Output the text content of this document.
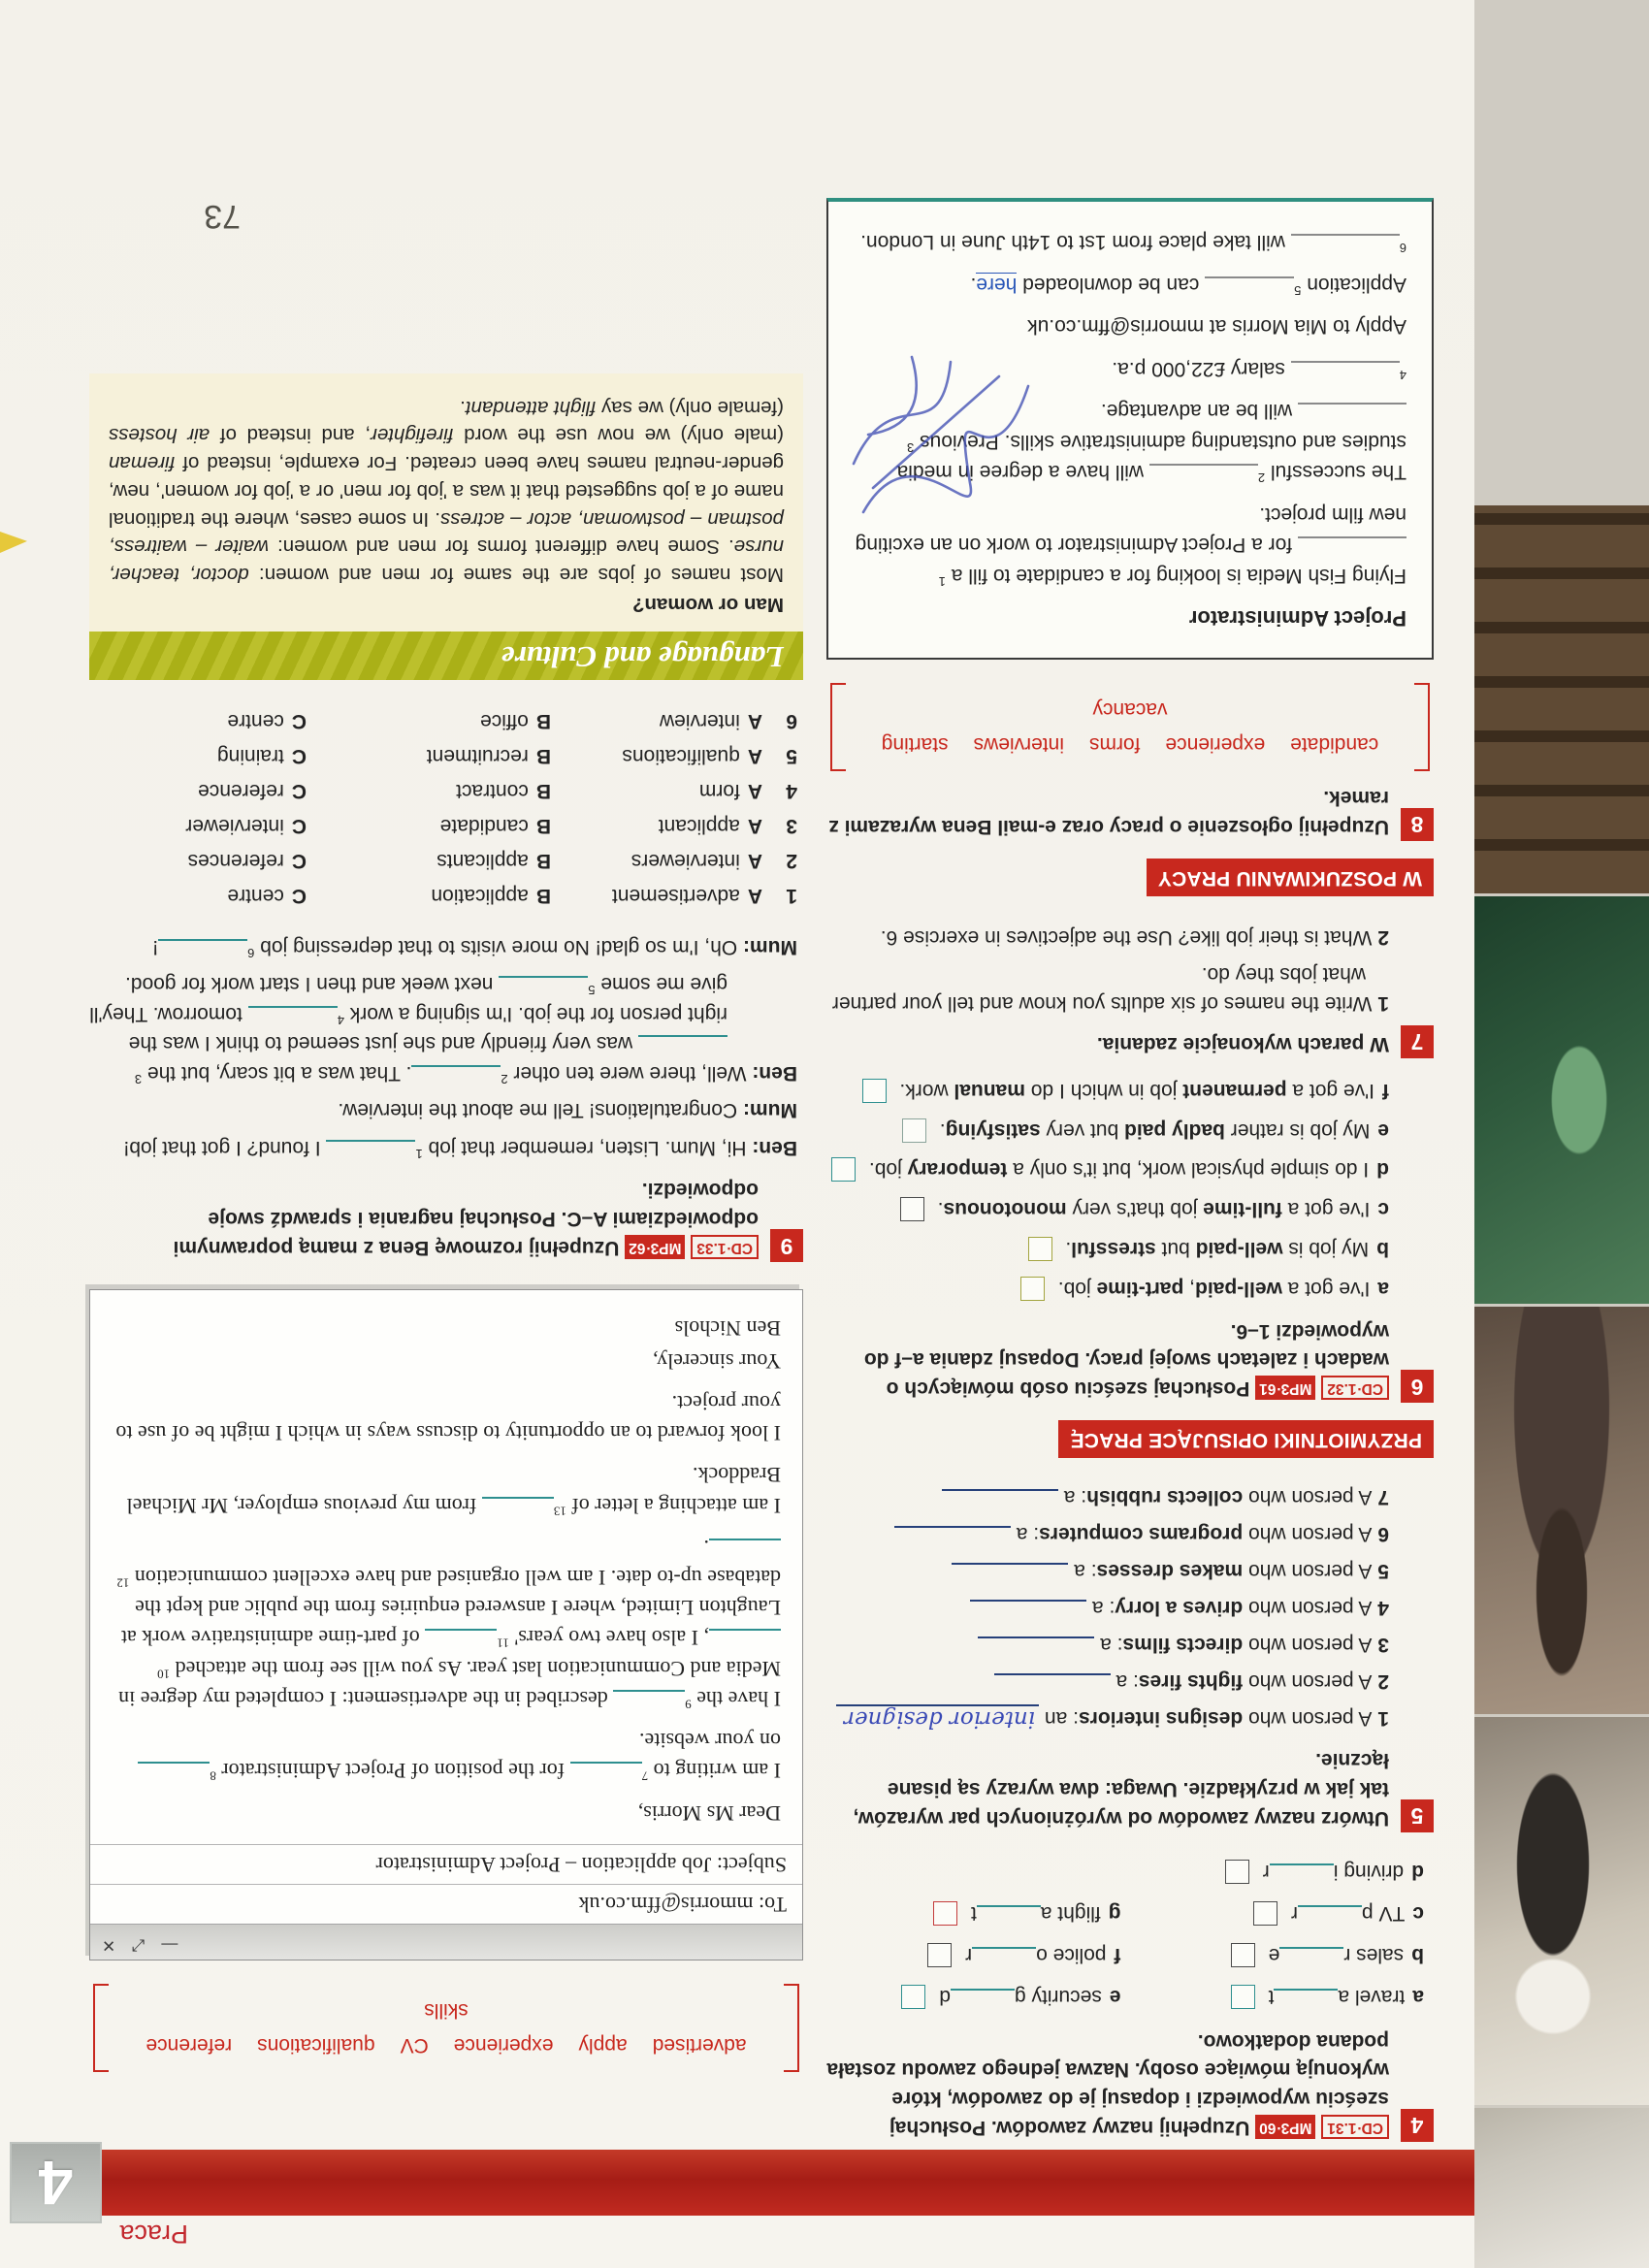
Praca
4
73
4
CD·1.31 MP3·60 Uzupełnij nazwy zawodów. Posłuchaj sześciu wypowiedzi i dopasuj je do zawodów, które wykonują mówiące osoby. Nazwa jednego zawodu została podana dodatkowo.
atravel at
bsales re
cTV pr
ddriving ir
esecurity gd
fpolice or
gflight at
5
Utwórz nazwy zawodów od wyróżnionych par wyrazów, tak jak w przykładzie. Uwaga: dwa wyrazy są pisane łącznie.
1A person who designs interiors: an interior designer
2A person who fights fires: a
3A person who directs films: a
4A person who drives a lorry: a
5A person who makes dresses: a
6A person who programs computers: a
7A person who collects rubbish: a
PRZYMIOTNIKI OPISUJĄCE PRACĘ
6
CD·1.32 MP3·61 Posłuchaj sześciu osób mówiących o wadach i zaletach swojej pracy. Dopasuj zdania a–f do wypowiedzi 1–6.
aI've got a well-paid, part-time job.
bMy job is well-paid but stressful.
cI've got a full-time job that's very monotonous.
dI do simple physical work, but it's only a temporary job.
eMy job is rather badly paid but very satisfying.
fI've got a permanent job in which I do manual work.
7
W parach wykonajcie zadania.
1Write the names of six adults you know and tell your partner what jobs they do.
2What is their job like? Use the adjectives in exercise 6.
W POSZUKIWANIU PRACY
8
Uzupełnij ogłoszenie o pracy oraz e-mail Bena wyrazami z ramek.
candidateexperienceformsinterviewsstartingvacancy
Project Administrator

Flying Fish Media is looking for a candidate to fill a $^1$ for a Project Administrator to work on an exciting new film project.

The successful $^2$ will have a degree in media studies and outstanding administrative skills. Previous $^3$ will be an advantage.

$^4$ salary £22,000 p.a.

Apply to Mia Morris at mmorris@ffm.co.uk

Application $^5$ can be downloaded here.

$^6$ will take place from 1st to 14th June in London.

advertisedapplyexperienceCVqualificationsreferenceskills
— ⤢ ✕
To: mmorris@ffm.co.uk
Subject: Job application – Project Administrator

Dear Ms Morris,

I am writing to $^7$ for the position of Project Administrator $^8$ on your website.

I have the $^9$ described in the advertisement: I completed my degree in Media and Communication last year. As you will see from the attached $^{10}$, I also have two years' $^{11}$ of part-time administrative work at Laughton Limited, where I answered enquiries from the public and kept the database up-to date. I am well organised and have excellent communication $^{12}$.

I am attaching a letter of $^{13}$ from my previous employer, Mr Michael Braddock.

I look forward to an opportunity to discuss ways in which I might be of use to your project.

Your sincerely,

Ben Nichols

9
CD·1.33 MP3·62 Uzupełnij rozmowę Bena z mamą poprawnymi odpowiedziami A–C. Posłuchaj nagrania i sprawdź swoje odpowiedzi.

Ben: Hi, Mum. Listen, remember that job $^1$ I found? I got that job!

Mum: Congratulations! Tell me about the interview.

Ben: Well, there were ten other $^2$. That was a bit scary, but the $^3$ was very friendly and she just seemed to think I was the right person for the job. I'm signing a work $^4$ tomorrow. They'll give me some $^5$ next week and then I start work for good.

Mum: Oh, I'm so glad! No more visits to that depressing job $^6$!

1
Aadvertisement
Bapplication
Ccentre
2
Ainterviewers
Bapplicants
Creferences
3
Aapplicant
Bcandidate
Cinterviewer
4
Aform
Bcontract
Creference
5
Aqualifications
Brecruitment
Ctraining
6
Ainterview
Boffice
Ccentre
Language and Culture
Man or woman?
Most names of jobs are the same for men and women: doctor, teacher, nurse. Some have different forms for men and women: waiter – waitress, postman – postwoman, actor – actress. In some cases, where the traditional name of a job suggested that it was a 'job for men' or a 'job for women', new, gender-neutral names have been created. For example, instead of fireman (male only) we now use the word firefighter, and instead of air hostess (female only) we say flight attendant.
